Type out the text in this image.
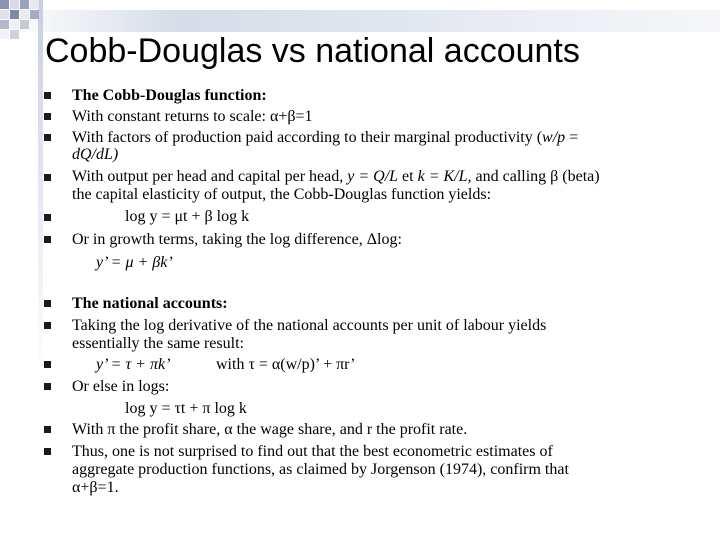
Cobb-Douglas vs national accounts
The Cobb-Douglas function:
With constant returns to scale: α+β=1
With factors of production paid according to their marginal productivity (w/p =
dQ/dL)
With output per head and capital per head, y = Q/L et k = K/L, and calling β (beta)
the capital elasticity of output, the Cobb-Douglas function yields:
log y = μt + β log k
Or in growth terms, taking the log difference, Δlog:
y’ = μ + βk’
The national accounts:
Taking the log derivative of the national accounts per unit of labour yields
essentially the same result:
y’ = τ + πk’	with τ = α(w/p)’ + πr’
Or else in logs:
log y = τt + π log k
With π the profit share, α the wage share, and r the profit rate.
Thus, one is not surprised to find out that the best econometric estimates of
aggregate production functions, as claimed by Jorgenson (1974), confirm that
α+β=1.
